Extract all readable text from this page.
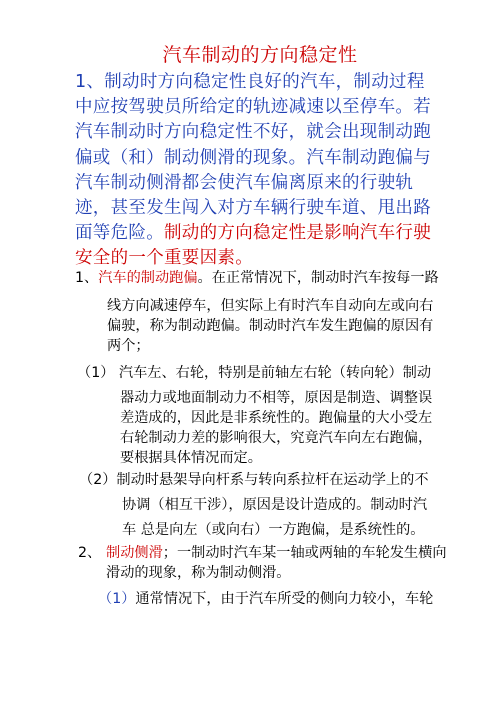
汽车制动的方向稳定性
1、制动时方向稳定性良好的汽车，制动过程中应按驾驶员所给定的轨迹减速以至停车。若汽车制动时方向稳定性不好，就会出现制动跑偏或（和）制动侧滑的现象。汽车制动跑偏与汽车制动侧滑都会使汽车偏离原来的行驶轨迹，甚至发生闯入对方车辆行驶车道、甩出路面等危险。制动的方向稳定性是影响汽车行驶安全的一个重要因素。
1、汽车的制动跑偏。在正常情况下，制动时汽车按每一路
线方向减速停车，但实际上有时汽车自动向左或向右偏驶，称为制动跑偏。制动时汽车发生跑偏的原因有两个；
（1） 汽车左、右轮，特别是前轴左右轮（转向轮）制动
器动力或地面制动力不相等，原因是制造、调整误差造成的，因此是非系统性的。跑偏量的大小受左右轮制动力差的影响很大，究竟汽车向左右跑偏，要根据具体情况而定。
（2）制动时悬架导向杆系与转向系拉杆在运动学上的不
协调（相互干涉），原因是设计造成的。制动时汽
车 总是向左（或向右）一方跑偏，是系统性的。
2、 制动侧滑；一制动时汽车某一轴或两轴的车轮发生横向
滑动的现象，称为制动侧滑。
（1）通常情况下，由于汽车所受的侧向力较小，车轮
